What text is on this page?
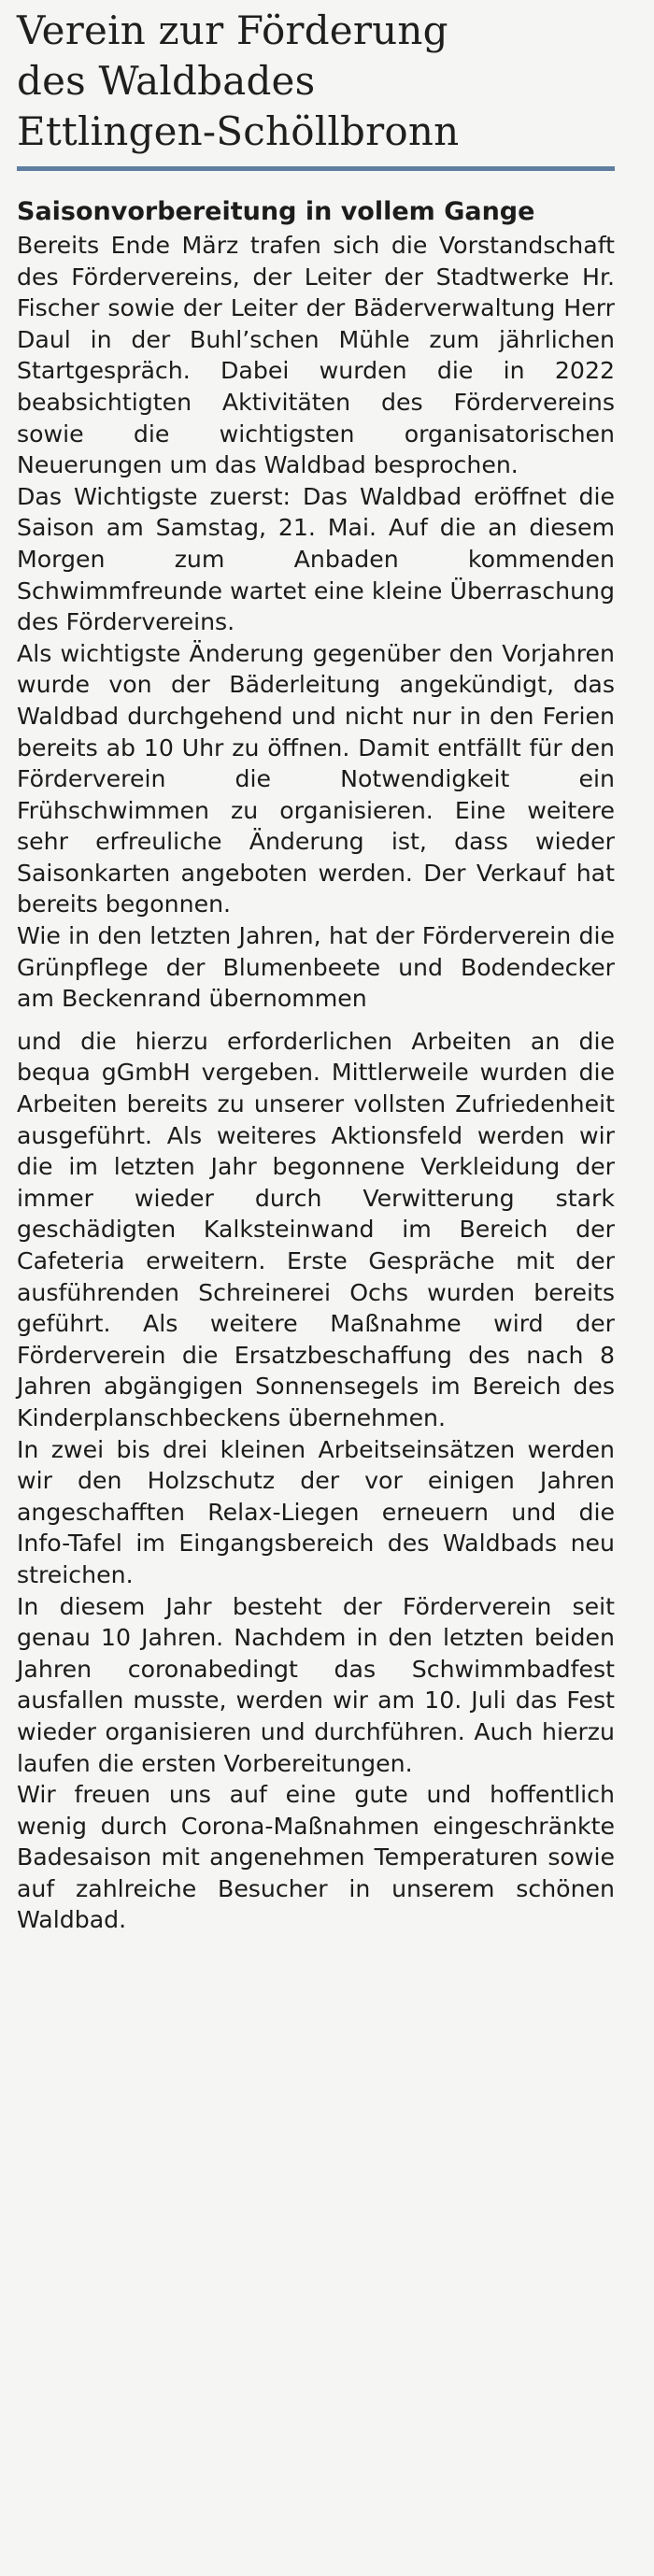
Verein zur Förderung
des Waldbades
Ettlingen-Schöllbronn
Saisonvorbereitung in vollem Gange

Bereits Ende März trafen sich die Vorstandschaft des Fördervereins, der Leiter der Stadtwerke Hr. Fischer sowie der Leiter der Bäderverwaltung Herr Daul in der Buhl’schen Mühle zum jährlichen Startgespräch. Dabei wurden die in 2022 beabsichtigten Aktivitäten des Fördervereins sowie die wichtigsten organisatorischen Neuerungen um das Waldbad besprochen.

Das Wichtigste zuerst: Das Waldbad eröffnet die Saison am Samstag, 21. Mai. Auf die an diesem Morgen zum Anbaden kommenden Schwimmfreunde wartet eine kleine Überraschung des Fördervereins.

Als wichtigste Änderung gegenüber den Vorjahren wurde von der Bäderleitung angekündigt, das Waldbad durchgehend und nicht nur in den Ferien bereits ab 10 Uhr zu öffnen. Damit entfällt für den Förderverein die Notwendigkeit ein Frühschwimmen zu organisieren. Eine weitere sehr erfreuliche Änderung ist, dass wieder Saisonkarten angeboten werden. Der Verkauf hat bereits begonnen.

Wie in den letzten Jahren, hat der Förderverein die Grünpflege der Blumenbeete und Bodendecker am Beckenrand übernommen

und die hierzu erforderlichen Arbeiten an die bequa gGmbH vergeben. Mittlerweile wurden die Arbeiten bereits zu unserer vollsten Zufriedenheit ausgeführt. Als weiteres Aktionsfeld werden wir die im letzten Jahr begonnene Verkleidung der immer wieder durch Verwitterung stark geschädigten Kalksteinwand im Bereich der Cafeteria erweitern. Erste Gespräche mit der ausführenden Schreinerei Ochs wurden bereits geführt. Als weitere Maßnahme wird der Förderverein die Ersatzbeschaffung des nach 8 Jahren abgängigen Sonnensegels im Bereich des Kinderplanschbeckens übernehmen.

In zwei bis drei kleinen Arbeitseinsätzen werden wir den Holzschutz der vor einigen Jahren angeschafften Relax-Liegen erneuern und die Info-Tafel im Eingangsbereich des Waldbads neu streichen.

In diesem Jahr besteht der Förderverein seit genau 10 Jahren. Nachdem in den letzten beiden Jahren coronabedingt das Schwimmbadfest ausfallen musste, werden wir am 10. Juli das Fest wieder organisieren und durchführen. Auch hierzu laufen die ersten Vorbereitungen.

Wir freuen uns auf eine gute und hoffentlich wenig durch Corona-Maßnahmen eingeschränkte Badesaison mit angenehmen Temperaturen sowie auf zahlreiche Besucher in unserem schönen Waldbad.
